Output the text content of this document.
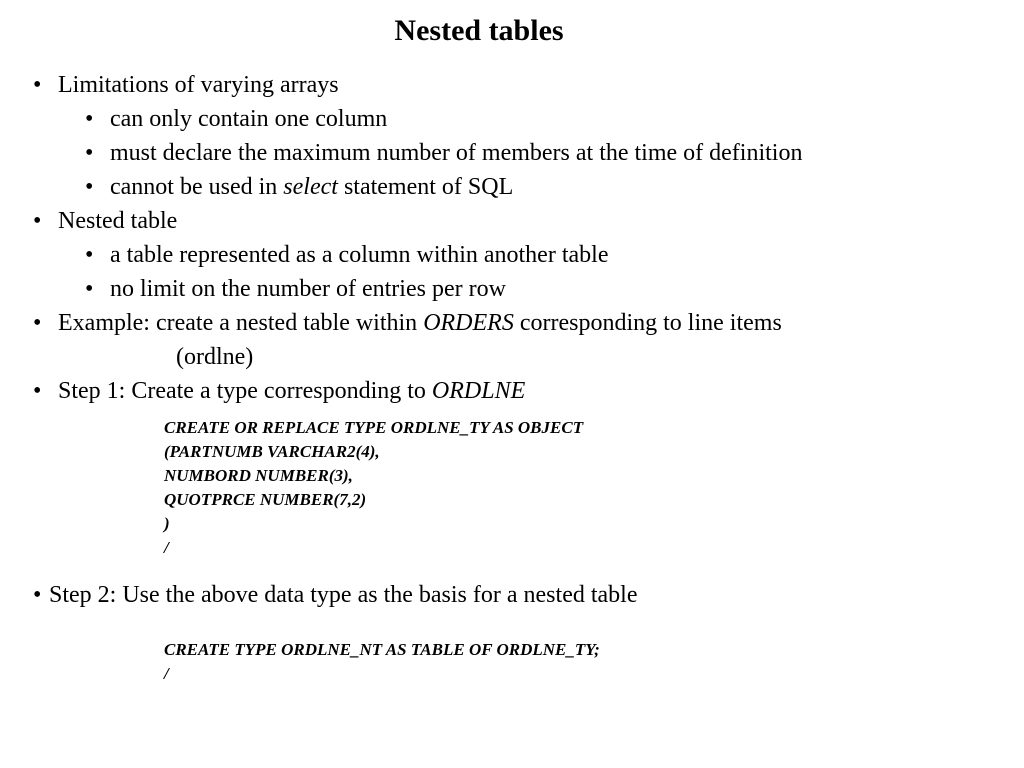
Nested tables
• Limitations of varying arrays
• can only contain one column
• must declare the maximum number of members at the time of definition
• cannot be used in select statement of SQL
• Nested table
• a table represented as a column within another table
• no limit on the number of entries per row
• Example: create a nested table within ORDERS corresponding to line items
(ordlne)
• Step 1: Create a type corresponding to ORDLNE
CREATE OR REPLACE TYPE ORDLNE_TY AS OBJECT
(PARTNUMB VARCHAR2(4),
NUMBORD NUMBER(3),
QUOTPRCE NUMBER(7,2)
)
/
• Step 2: Use the above data type as the basis for a nested table
CREATE TYPE ORDLNE_NT AS TABLE OF ORDLNE_TY;
/
